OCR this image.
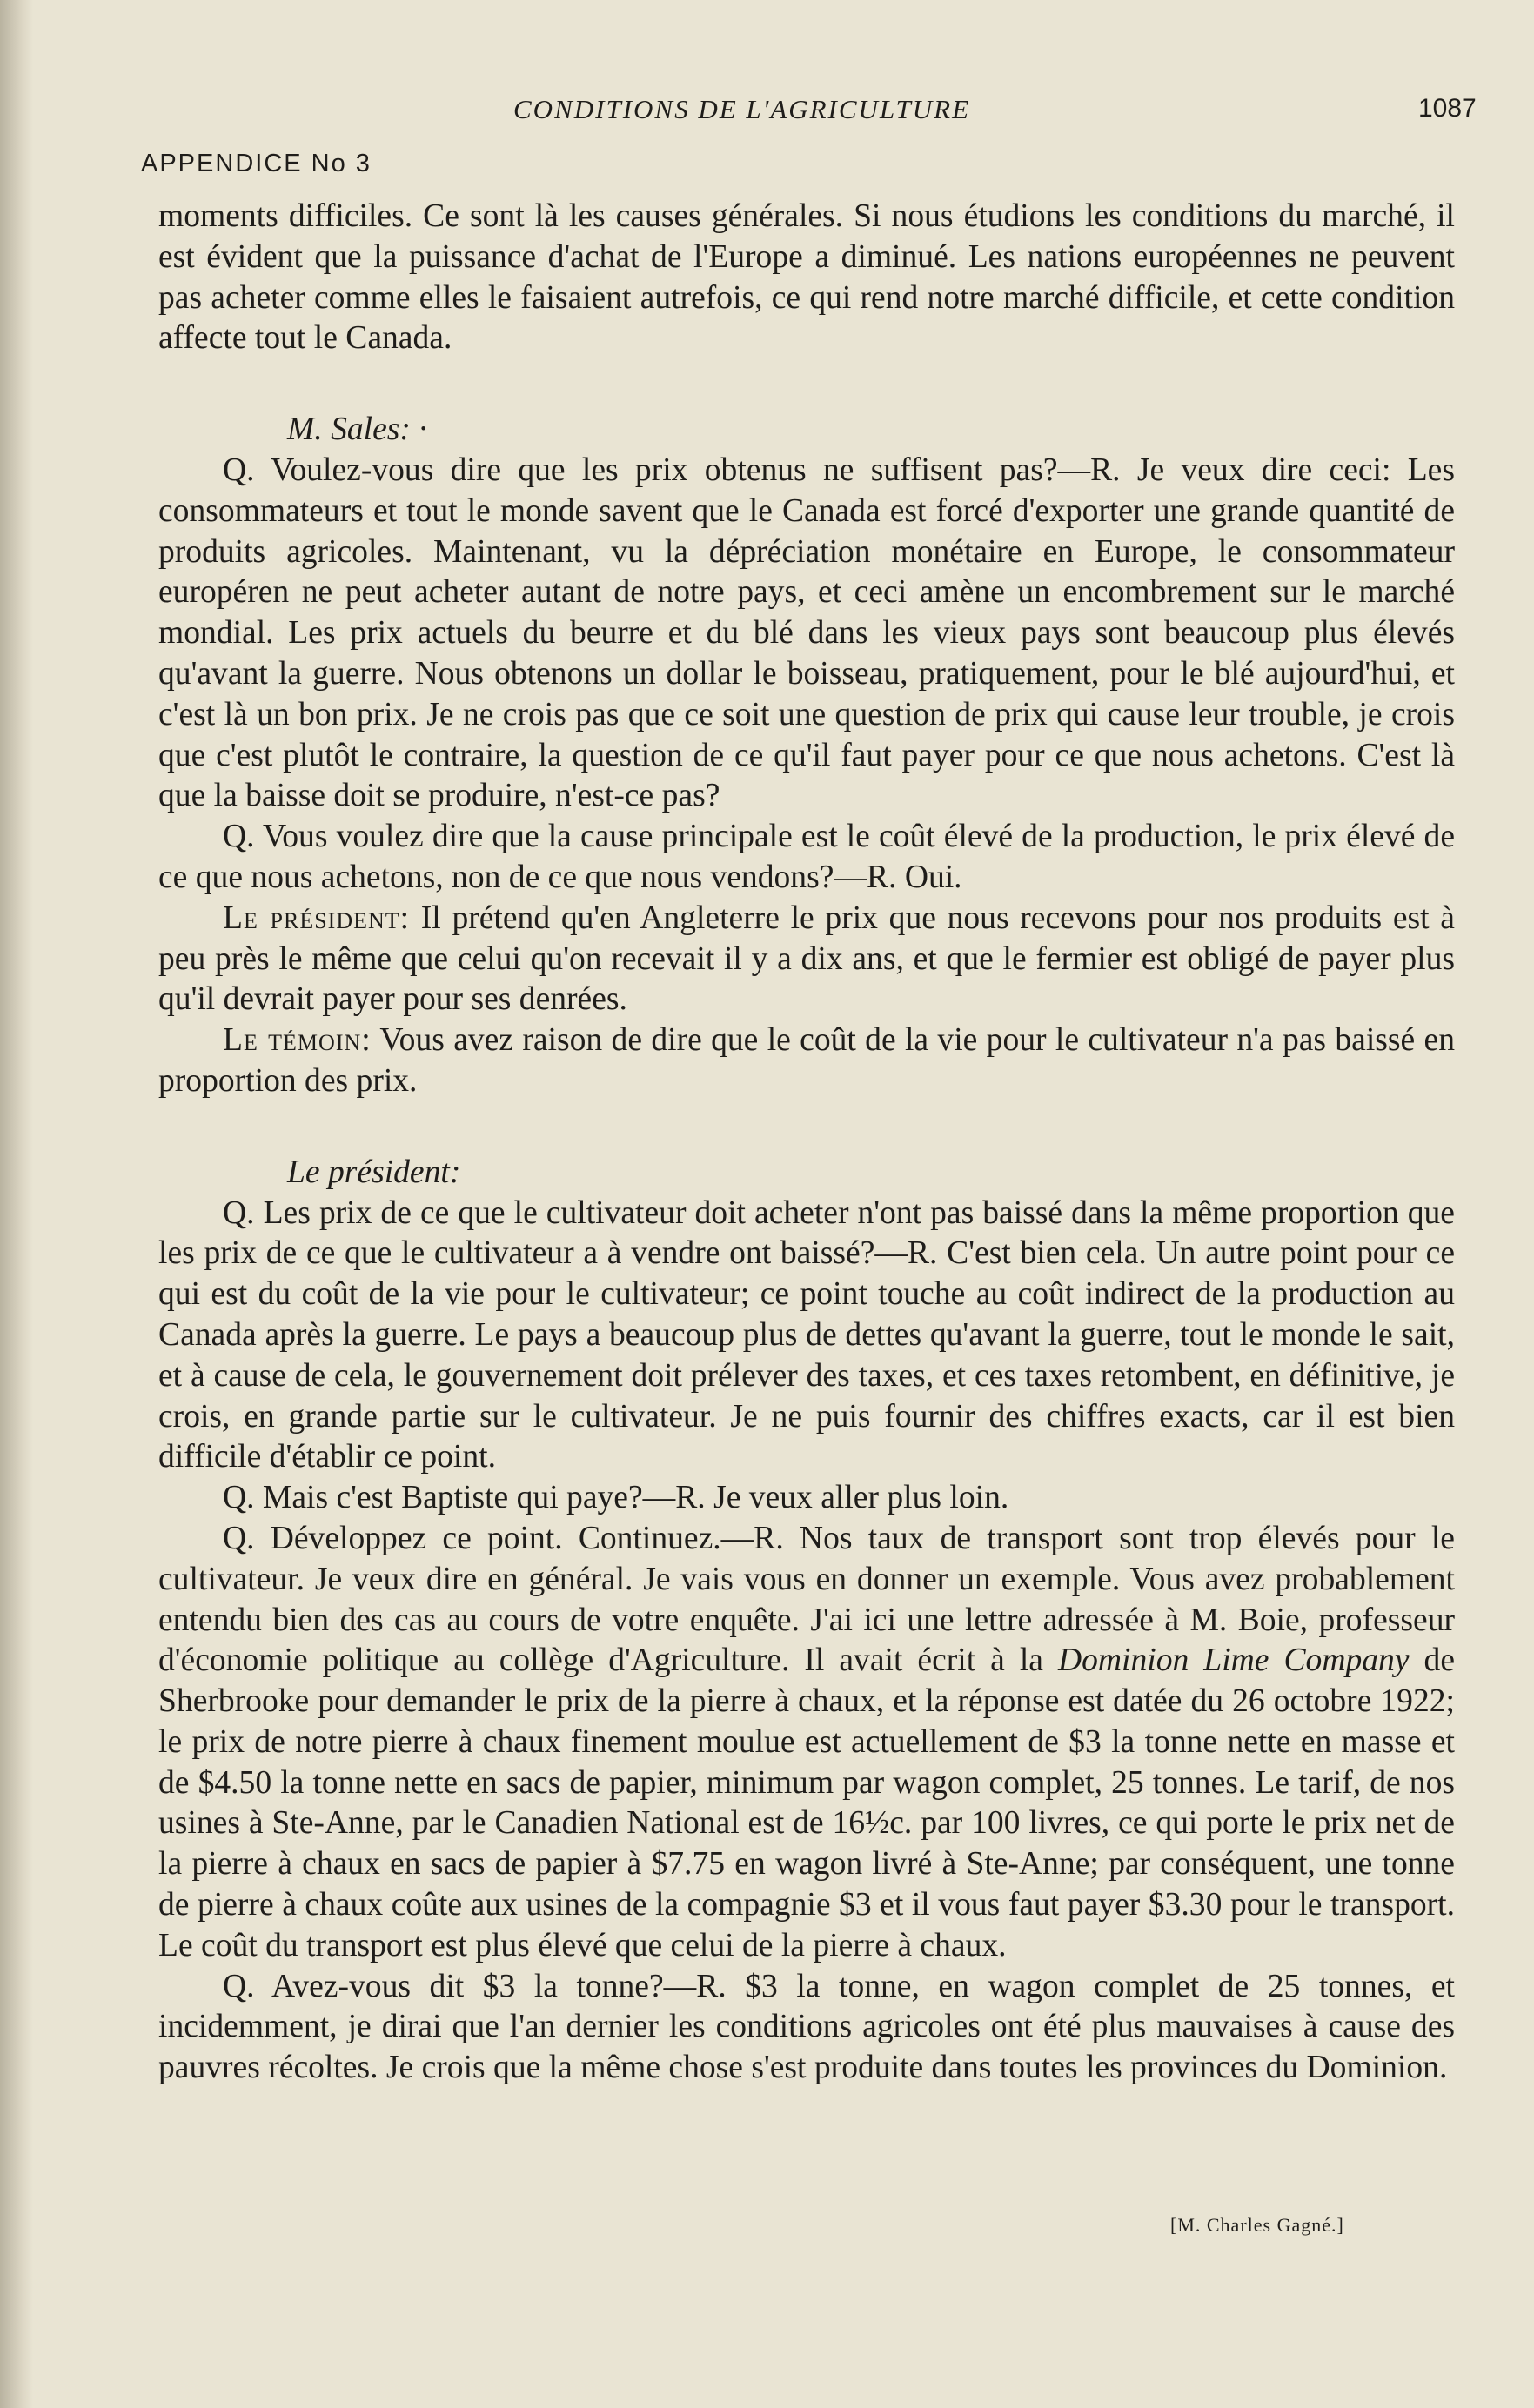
CONDITIONS DE L'AGRICULTURE	1087
APPENDICE No 3

moments difficiles. Ce sont là les causes générales. Si nous étudions les conditions du marché, il est évident que la puissance d'achat de l'Europe a diminué. Les nations européennes ne peuvent pas acheter comme elles le faisaient autrefois, ce qui rend notre marché difficile, et cette condition affecte tout le Canada.

M. Sales: ·

Q. Voulez-vous dire que les prix obtenus ne suffisent pas?—R. Je veux dire ceci: Les consommateurs et tout le monde savent que le Canada est forcé d'exporter une grande quantité de produits agricoles. Maintenant, vu la dépréciation monétaire en Europe, le consommateur européren ne peut acheter autant de notre pays, et ceci amène un encombrement sur le marché mondial. Les prix actuels du beurre et du blé dans les vieux pays sont beaucoup plus élevés qu'avant la guerre. Nous obtenons un dollar le boisseau, pratiquement, pour le blé aujourd'hui, et c'est là un bon prix. Je ne crois pas que ce soit une question de prix qui cause leur trouble, je crois que c'est plutôt le contraire, la question de ce qu'il faut payer pour ce que nous achetons. C'est là que la baisse doit se produire, n'est-ce pas?

Q. Vous voulez dire que la cause principale est le coût élevé de la production, le prix élevé de ce que nous achetons, non de ce que nous vendons?—R. Oui.

Le président: Il prétend qu'en Angleterre le prix que nous recevons pour nos produits est à peu près le même que celui qu'on recevait il y a dix ans, et que le fermier est obligé de payer plus qu'il devrait payer pour ses denrées.

Le témoin: Vous avez raison de dire que le coût de la vie pour le cultivateur n'a pas baissé en proportion des prix.

Le président:

Q. Les prix de ce que le cultivateur doit acheter n'ont pas baissé dans la même proportion que les prix de ce que le cultivateur a à vendre ont baissé?—R. C'est bien cela. Un autre point pour ce qui est du coût de la vie pour le cultivateur; ce point touche au coût indirect de la production au Canada après la guerre. Le pays a beaucoup plus de dettes qu'avant la guerre, tout le monde le sait, et à cause de cela, le gouvernement doit prélever des taxes, et ces taxes retombent, en définitive, je crois, en grande partie sur le cultivateur. Je ne puis fournir des chiffres exacts, car il est bien difficile d'établir ce point.

Q. Mais c'est Baptiste qui paye?—R. Je veux aller plus loin.

Q. Développez ce point. Continuez.—R. Nos taux de transport sont trop élevés pour le cultivateur. Je veux dire en général. Je vais vous en donner un exemple. Vous avez probablement entendu bien des cas au cours de votre enquête. J'ai ici une lettre adressée à M. Boie, professeur d'économie politique au collège d'Agriculture. Il avait écrit à la Dominion Lime Company de Sherbrooke pour demander le prix de la pierre à chaux, et la réponse est datée du 26 octobre 1922; le prix de notre pierre à chaux finement moulue est actuellement de $3 la tonne nette en masse et de $4.50 la tonne nette en sacs de papier, minimum par wagon complet, 25 tonnes. Le tarif, de nos usines à Ste-Anne, par le Canadien National est de 16½c. par 100 livres, ce qui porte le prix net de la pierre à chaux en sacs de papier à $7.75 en wagon livré à Ste-Anne; par conséquent, une tonne de pierre à chaux coûte aux usines de la compagnie $3 et il vous faut payer $3.30 pour le transport. Le coût du transport est plus élevé que celui de la pierre à chaux.

Q. Avez-vous dit $3 la tonne?—R. $3 la tonne, en wagon complet de 25 tonnes, et incidemment, je dirai que l'an dernier les conditions agricoles ont été plus mauvaises à cause des pauvres récoltes. Je crois que la même chose s'est produite dans toutes les provinces du Dominion.

[M. Charles Gagné.]
